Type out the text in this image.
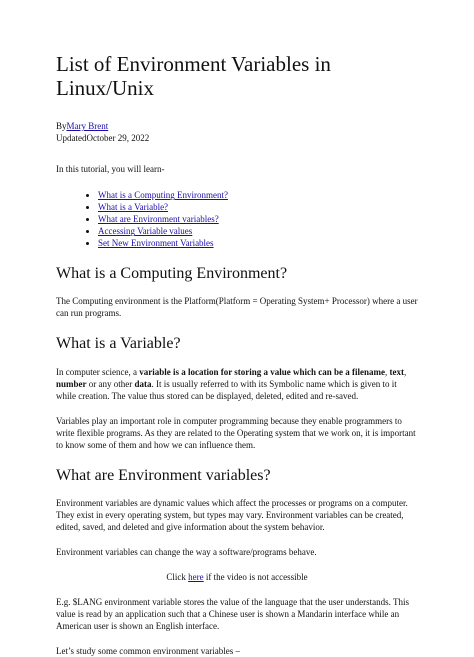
List of Environment Variables in Linux/Unix
ByMary Brent
UpdatedOctober 29, 2022

In this tutorial, you will learn-

• What is a Computing Environment?
• What is a Variable?
• What are Environment variables?
• Accessing Variable values
• Set New Environment Variables
What is a Computing Environment?

The Computing environment is the Platform(Platform = Operating System+ Processor) where a user can run programs.

What is a Variable?

In computer science, a variable is a location for storing a value which can be a filename, text, number or any other data. It is usually referred to with its Symbolic name which is given to it while creation. The value thus stored can be displayed, deleted, edited and re-saved.

Variables play an important role in computer programming because they enable programmers to write flexible programs. As they are related to the Operating system that we work on, it is important to know some of them and how we can influence them.

What are Environment variables?

Environment variables are dynamic values which affect the processes or programs on a computer. They exist in every operating system, but types may vary. Environment variables can be created, edited, saved, and deleted and give information about the system behavior.

Environment variables can change the way a software/programs behave.

Click here if the video is not accessible

E.g. $LANG environment variable stores the value of the language that the user understands. This value is read by an application such that a Chinese user is shown a Mandarin interface while an American user is shown an English interface.

Let’s study some common environment variables –
